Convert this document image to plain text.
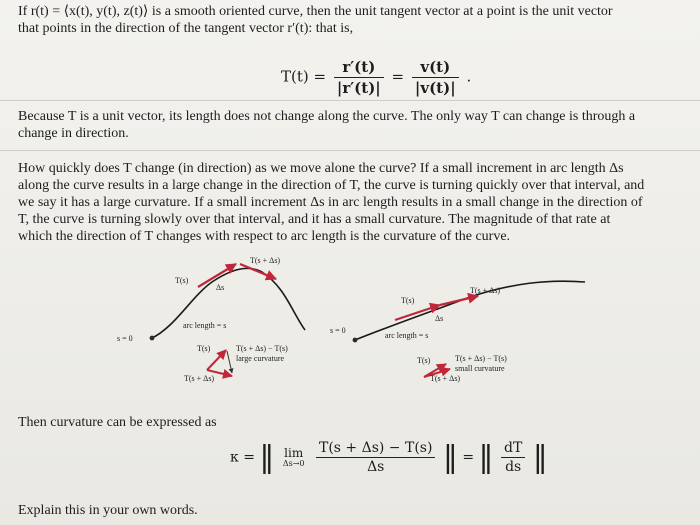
If r(t) = ⟨x(t), y(t), z(t)⟩ is a smooth oriented curve, then the unit tangent vector at a point is the unit vector
that points in the direction of the tangent vector r′(t): that is,
$T(t) = \frac{r'(t)}{|r'(t)|} = \frac{v(t)}{|v(t)|}$ .
Because T is a unit vector, its length does not change along the curve. The only way T can change is through a
change in direction.
How quickly does T change (in direction) as we move alone the curve? If a small increment in arc length Δs
along the curve results in a large change in the direction of T, the curve is turning quickly over that interval, and
we say it has a large curvature. If a small increment Δs in arc length results in a small change in the direction of
T, the curve is turning slowly over that interval, and it has a small curvature. The magnitude of that rate at
which the direction of T changes with respect to arc length is the curvature of the curve.
T(s + Δs)
T(s)
Δs
s = 0
arc length = s
T(s)	T(s + Δs) − T(s)
large curvature
T(s + Δs)
T(s + Δs)
T(s)
Δs
s = 0
arc length = s
T(s)	T(s + Δs) − T(s)
small curvature
T(s + Δs)
Then curvature can be expressed as
κ = ‖ lim
Δs→0
$\frac{T(s + \Delta s) - T(s)}{\Delta s}$ ‖ = ‖ $\frac{dT}{ds}$ ‖
Explain this in your own words.
